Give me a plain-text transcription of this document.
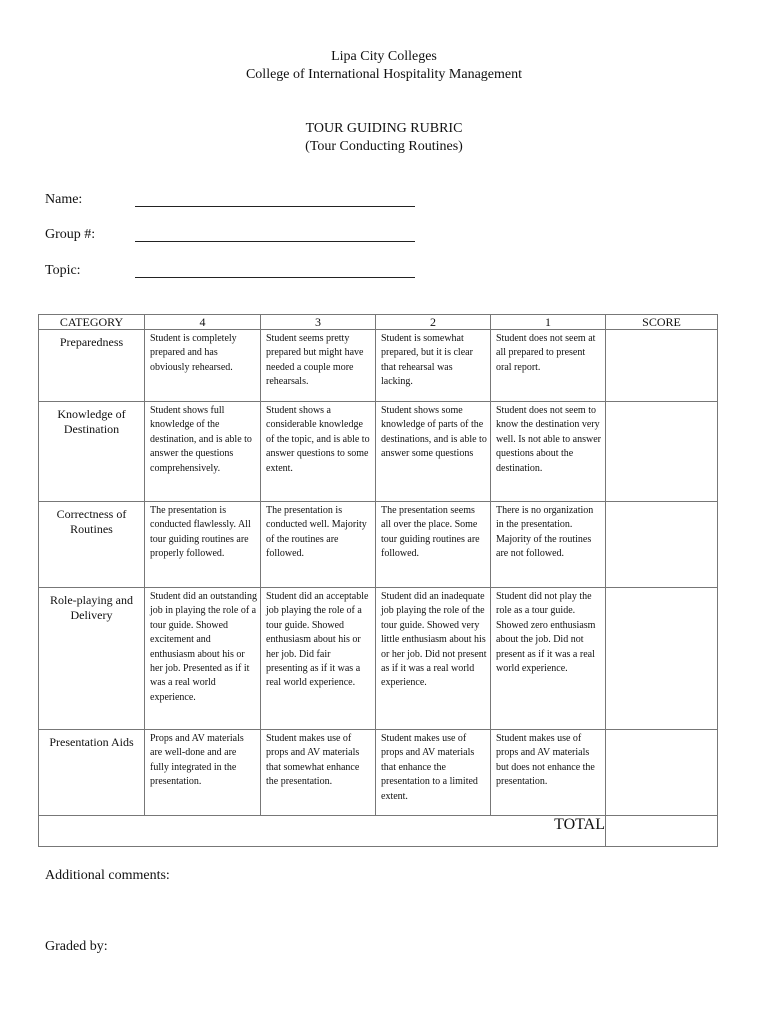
Lipa City Colleges
College of International Hospitality Management
TOUR GUIDING RUBRIC
(Tour Conducting Routines)
Name:
Group #:
Topic:
CATEGORY	4	3	2	1	SCORE
Preparedness	Student is completely prepared and has obviously rehearsed.	Student seems pretty prepared but might have needed a couple more rehearsals.	Student is somewhat prepared, but it is clear that rehearsal was lacking.	Student does not seem at all prepared to present oral report.	
Knowledge of Destination	Student shows full knowledge of the destination, and is able to answer the questions comprehensively.	Student shows a considerable knowledge of the topic, and is able to answer questions to some extent.	Student shows some knowledge of parts of the destinations, and is able to answer some questions	Student does not seem to know the destination very well. Is not able to answer questions about the destination.	
Correctness of Routines	The presentation is conducted flawlessly. All tour guiding routines are properly followed.	The presentation is conducted well. Majority of the routines are followed.	The presentation seems all over the place. Some tour guiding routines are followed.	There is no organization in the presentation. Majority of the routines are not followed.	
Role-playing and Delivery	Student did an outstanding job in playing the role of a tour guide. Showed excitement and enthusiasm about his or her job. Presented as if it was a real world experience.	Student did an acceptable job playing the role of a tour guide. Showed enthusiasm about his or her job. Did fair presenting as if it was a real world experience.	Student did an inadequate job playing the role of the tour guide. Showed very little enthusiasm about his or her job. Did not present as if it was a real world experience.	Student did not play the role as a tour guide. Showed zero enthusiasm about the job. Did not present as if it was a real world experience.	
Presentation Aids	Props and AV materials are well-done and are fully integrated in the presentation.	Student makes use of props and AV materials that somewhat enhance the presentation.	Student makes use of props and AV materials that enhance the presentation to a limited extent.	Student makes use of props and AV materials but does not enhance the presentation.	
TOTAL					
Additional comments:
Graded by:
